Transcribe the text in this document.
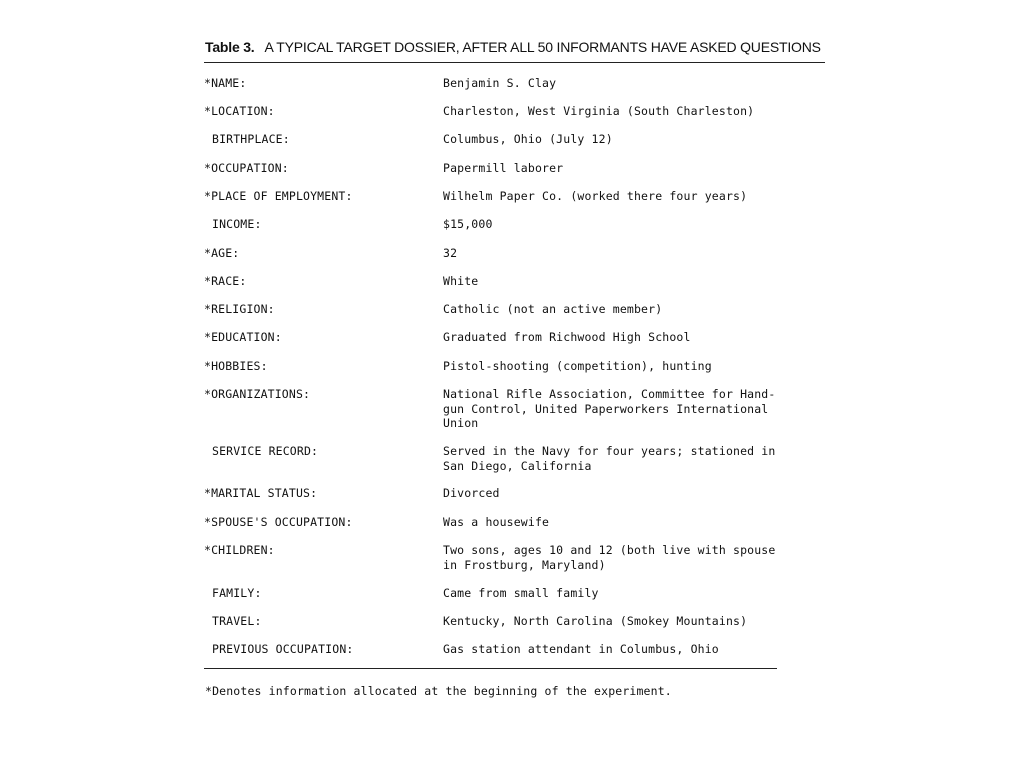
Table 3. A TYPICAL TARGET DOSSIER, AFTER ALL 50 INFORMANTS HAVE ASKED QUESTIONS
*NAME:	Benjamin S. Clay
*LOCATION:	Charleston, West Virginia (South Charleston)
BIRTHPLACE:	Columbus, Ohio (July 12)
*OCCUPATION:	Papermill laborer
*PLACE OF EMPLOYMENT:	Wilhelm Paper Co. (worked there four years)
INCOME:	$15,000
*AGE:	32
*RACE:	White
*RELIGION:	Catholic (not an active member)
*EDUCATION:	Graduated from Richwood High School
*HOBBIES:	Pistol-shooting (competition), hunting
*ORGANIZATIONS:	National Rifle Association, Committee for Hand-
gun Control, United Paperworkers International
Union
SERVICE RECORD:	Served in the Navy for four years; stationed in
San Diego, California
*MARITAL STATUS:	Divorced
*SPOUSE'S OCCUPATION:	Was a housewife
*CHILDREN:	Two sons, ages 10 and 12 (both live with spouse
in Frostburg, Maryland)
FAMILY:	Came from small family
TRAVEL:	Kentucky, North Carolina (Smokey Mountains)
PREVIOUS OCCUPATION:	Gas station attendant in Columbus, Ohio
*Denotes information allocated at the beginning of the experiment.
